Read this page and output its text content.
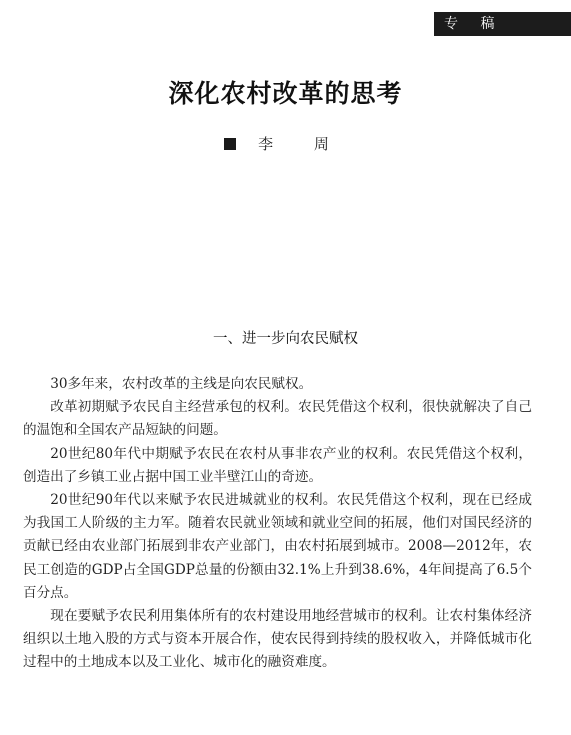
专 稿
深化农村改革的思考
李 周
一、进一步向农民赋权

30多年来，农村改革的主线是向农民赋权。

改革初期赋予农民自主经营承包的权利。农民凭借这个权利，很快就解决了自己的温饱和全国农产品短缺的问题。

20世纪80年代中期赋予农民在农村从事非农产业的权利。农民凭借这个权利，创造出了乡镇工业占据中国工业半壁江山的奇迹。

20世纪90年代以来赋予农民进城就业的权利。农民凭借这个权利，现在已经成为我国工人阶级的主力军。随着农民就业领域和就业空间的拓展，他们对国民经济的贡献已经由农业部门拓展到非农产业部门，由农村拓展到城市。2008—2012年，农民工创造的GDP占全国GDP总量的份额由32.1%上升到38.6%，4年间提高了6.5个百分点。

现在要赋予农民利用集体所有的农村建设用地经营城市的权利。让农村集体经济组织以土地入股的方式与资本开展合作，使农民得到持续的股权收入，并降低城市化过程中的土地成本以及工业化、城市化的融资难度。
